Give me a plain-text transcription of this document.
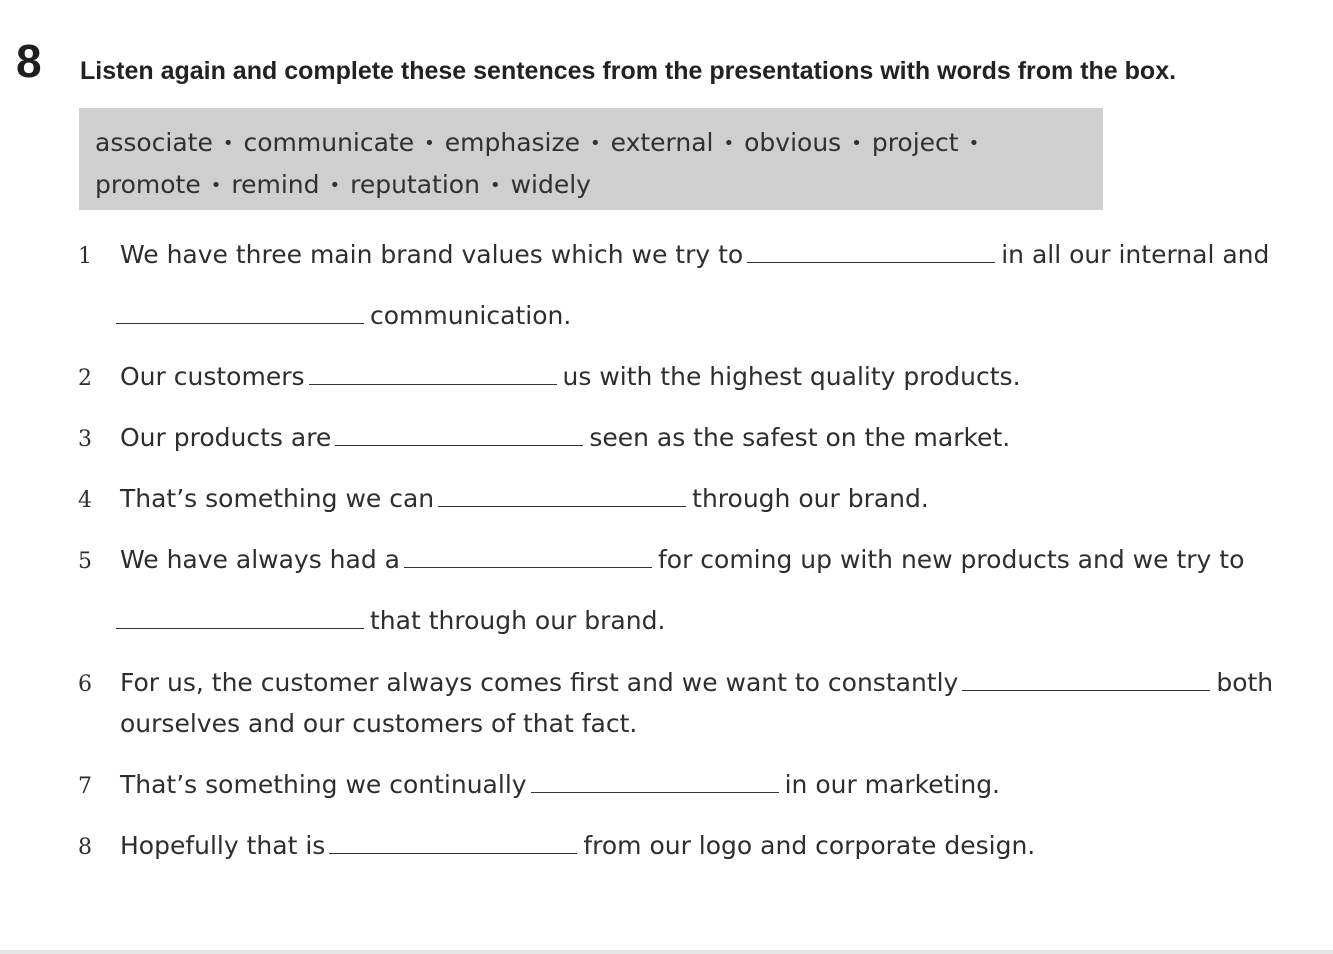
8 Listen again and complete these sentences from the presentations with words from the box.
associate • communicate • emphasize • external • obvious • project •
promote • remind • reputation • widely
1 We have three main brand values which we try to	in all our internal and
communication.
2 Our customers	us with the highest quality products.
3 Our products are	seen as the safest on the market.
4 That’s something we can	through our brand.
5 We have always had a	for coming up with new products and we try to
that through our brand.
6 For us, the customer always comes first and we want to constantly	both
ourselves and our customers of that fact.
7 That’s something we continually	in our marketing.
8 Hopefully that is	from our logo and corporate design.
